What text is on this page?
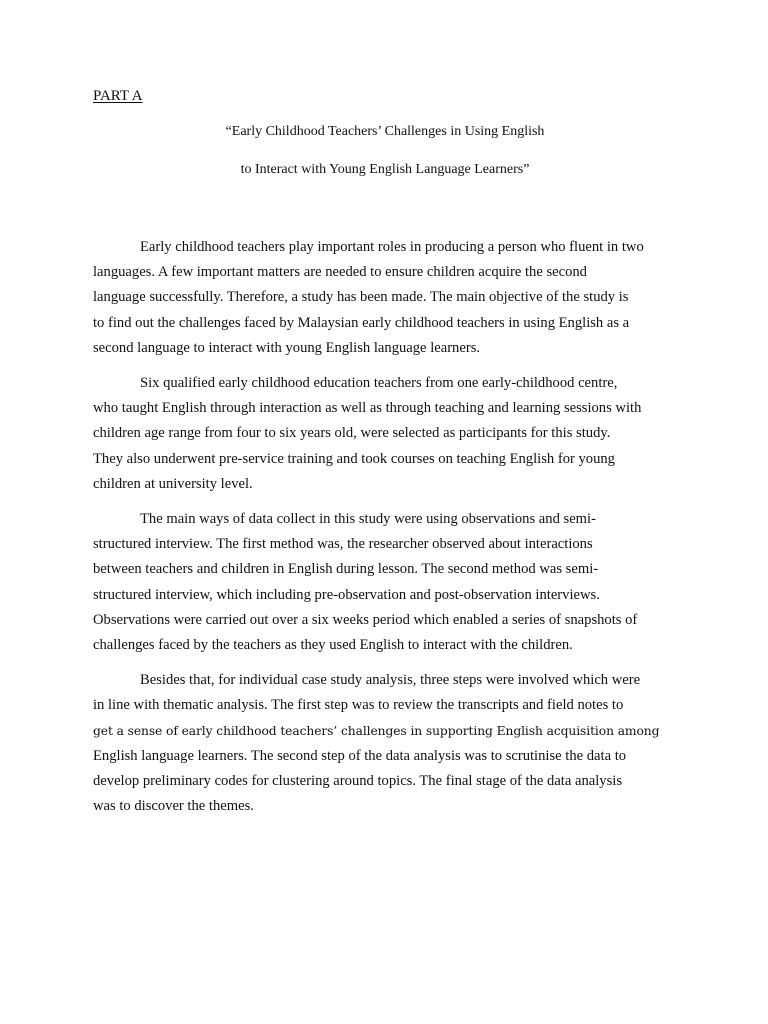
PART A
“Early Childhood Teachers’ Challenges in Using English
to Interact with Young English Language Learners”

Early childhood teachers play important roles in producing a person who fluent in two
languages. A few important matters are needed to ensure children acquire the second
language successfully. Therefore, a study has been made. The main objective of the study is
to find out the challenges faced by Malaysian early childhood teachers in using English as a
second language to interact with young English language learners.

Six qualified early childhood education teachers from one early-childhood centre,
who taught English through interaction as well as through teaching and learning sessions with
children age range from four to six years old, were selected as participants for this study.
They also underwent pre-service training and took courses on teaching English for young
children at university level.

The main ways of data collect in this study were using observations and semi-
structured interview. The first method was, the researcher observed about interactions
between teachers and children in English during lesson. The second method was semi-
structured interview, which including pre-observation and post-observation interviews.
Observations were carried out over a six weeks period which enabled a series of snapshots of
challenges faced by the teachers as they used English to interact with the children.

Besides that, for individual case study analysis, three steps were involved which were
in line with thematic analysis. The first step was to review the transcripts and field notes to
get a sense of early childhood teachers’ challenges in supporting English acquisition among
English language learners. The second step of the data analysis was to scrutinise the data to
develop preliminary codes for clustering around topics. The final stage of the data analysis
was to discover the themes.
